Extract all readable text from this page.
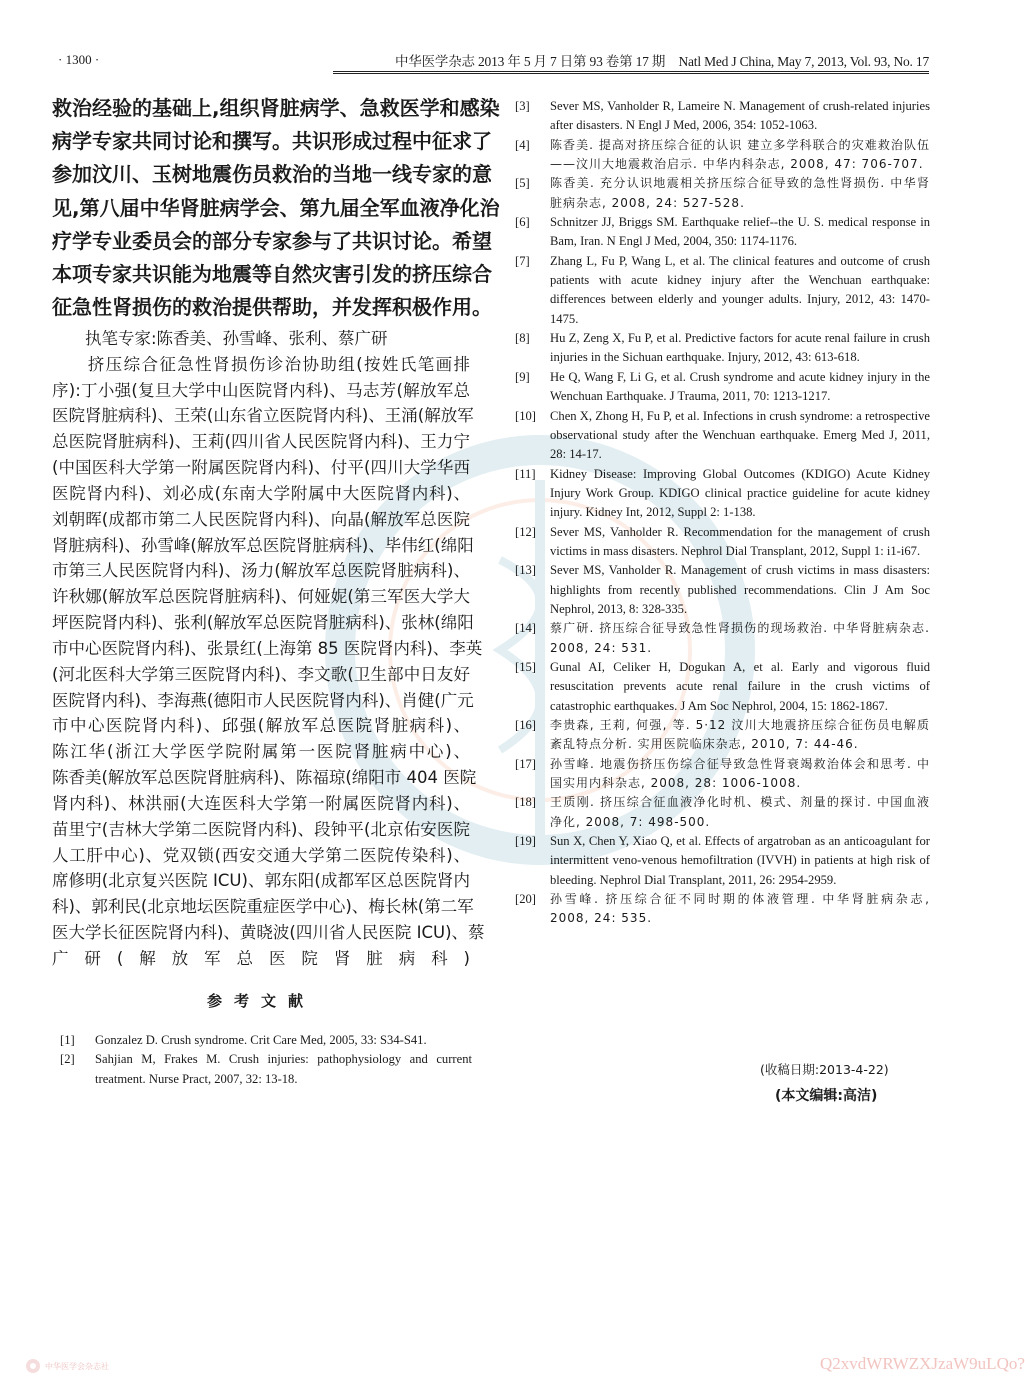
· 1300 ·	中华医学杂志 2013 年 5 月 7 日第 93 卷第 17 期　Natl Med J China, May 7, 2013, Vol. 93, No. 17
救治经验的基础上,组织肾脏病学、急救医学和感染
病学专家共同讨论和撰写。共识形成过程中征求了
参加汶川、玉树地震伤员救治的当地一线专家的意
见,第八届中华肾脏病学会、第九届全军血液净化治
疗学专业委员会的部分专家参与了共识讨论。希望
本项专家共识能为地震等自然灾害引发的挤压综合
征急性肾损伤的救治提供帮助，并发挥积极作用。
　　执笔专家:陈香美、孙雪峰、张利、蔡广研
　　挤压综合征急性肾损伤诊治协助组(按姓氏笔画排
序):丁小强(复旦大学中山医院肾内科)、马志芳(解放军总
医院肾脏病科)、王荣(山东省立医院肾内科)、王涌(解放军
总医院肾脏病科)、王莉(四川省人民医院肾内科)、王力宁
(中国医科大学第一附属医院肾内科)、付平(四川大学华西
医院肾内科)、刘必成(东南大学附属中大医院肾内科)、
刘朝晖(成都市第二人民医院肾内科)、向晶(解放军总医院
肾脏病科)、孙雪峰(解放军总医院肾脏病科)、毕伟红(绵阳
市第三人民医院肾内科)、汤力(解放军总医院肾脏病科)、
许秋娜(解放军总医院肾脏病科)、何娅妮(第三军医大学大
坪医院肾内科)、张利(解放军总医院肾脏病科)、张林(绵阳
市中心医院肾内科)、张景红(上海第 85 医院肾内科)、李英
(河北医科大学第三医院肾内科)、李文歌(卫生部中日友好
医院肾内科)、李海燕(德阳市人民医院肾内科)、肖健(广元
市中心医院肾内科)、邱强(解放军总医院肾脏病科)、
陈江华(浙江大学医学院附属第一医院肾脏病中心)、
陈香美(解放军总医院肾脏病科)、陈福琼(绵阳市 404 医院
肾内科)、林洪丽(大连医科大学第一附属医院肾内科)、
苗里宁(吉林大学第二医院肾内科)、段钟平(北京佑安医院
人工肝中心)、党双锁(西安交通大学第二医院传染科)、
席修明(北京复兴医院 ICU)、郭东阳(成都军区总医院肾内
科)、郭利民(北京地坛医院重症医学中心)、梅长林(第二军
医大学长征医院肾内科)、黄晓波(四川省人民医院 ICU)、蔡
广研(解放军总医院肾脏病科)
参考文献
[1]	Gonzalez D. Crush syndrome. Crit Care Med, 2005, 33: S34-S41.
[2]	Sahjian M, Frakes M. Crush injuries: pathophysiology and current treatment. Nurse Pract, 2007, 32: 13-18.
[3]	Sever MS, Vanholder R, Lameire N. Management of crush-related injuries after disasters. N Engl J Med, 2006, 354: 1052-1063.
[4]	陈香美. 提高对挤压综合征的认识 建立多学科联合的灾难救治队伍——汶川大地震救治启示. 中华内科杂志, 2008, 47: 706-707.
[5]	陈香美. 充分认识地震相关挤压综合征导致的急性肾损伤. 中华肾脏病杂志, 2008, 24: 527-528.
[6]	Schnitzer JJ, Briggs SM. Earthquake relief--the U. S. medical response in Bam, Iran. N Engl J Med, 2004, 350: 1174-1176.
[7]	Zhang L, Fu P, Wang L, et al. The clinical features and outcome of crush patients with acute kidney injury after the Wenchuan earthquake: differences between elderly and younger adults. Injury, 2012, 43: 1470-1475.
[8]	Hu Z, Zeng X, Fu P, et al. Predictive factors for acute renal failure in crush injuries in the Sichuan earthquake. Injury, 2012, 43: 613-618.
[9]	He Q, Wang F, Li G, et al. Crush syndrome and acute kidney injury in the Wenchuan Earthquake. J Trauma, 2011, 70: 1213-1217.
[10]	Chen X, Zhong H, Fu P, et al. Infections in crush syndrome: a retrospective observational study after the Wenchuan earthquake. Emerg Med J, 2011, 28: 14-17.
[11]	Kidney Disease: Improving Global Outcomes (KDIGO) Acute Kidney Injury Work Group. KDIGO clinical practice guideline for acute kidney injury. Kidney Int, 2012, Suppl 2: 1-138.
[12]	Sever MS, Vanholder R. Recommendation for the management of crush victims in mass disasters. Nephrol Dial Transplant, 2012, Suppl 1: i1-i67.
[13]	Sever MS, Vanholder R. Management of crush victims in mass disasters: highlights from recently published recommendations. Clin J Am Soc Nephrol, 2013, 8: 328-335.
[14]	蔡广研. 挤压综合征导致急性肾损伤的现场救治. 中华肾脏病杂志. 2008, 24: 531.
[15]	Gunal AI, Celiker H, Dogukan A, et al. Early and vigorous fluid resuscitation prevents acute renal failure in the crush victims of catastrophic earthquakes. J Am Soc Nephrol, 2004, 15: 1862-1867.
[16]	李贵森, 王莉, 何强, 等. 5·12 汶川大地震挤压综合征伤员电解质紊乱特点分析. 实用医院临床杂志, 2010, 7: 44-46.
[17]	孙雪峰. 地震伤挤压伤综合征导致急性肾衰竭救治体会和思考. 中国实用内科杂志, 2008, 28: 1006-1008.
[18]	王质刚. 挤压综合征血液净化时机、模式、剂量的探讨. 中国血液净化, 2008, 7: 498-500.
[19]	Sun X, Chen Y, Xiao Q, et al. Effects of argatroban as an anticoagulant for intermittent veno-venous hemofiltration (IVVH) in patients at high risk of bleeding. Nephrol Dial Transplant, 2011, 26: 2954-2959.
[20]	孙雪峰. 挤压综合征不同时期的体液管理. 中华肾脏病杂志, 2008, 24: 535.
(收稿日期:2013-4-22)
(本文编辑:高洁)
中华医学会杂志社	Q2xvdWRWZXJzaW9uLQo?
